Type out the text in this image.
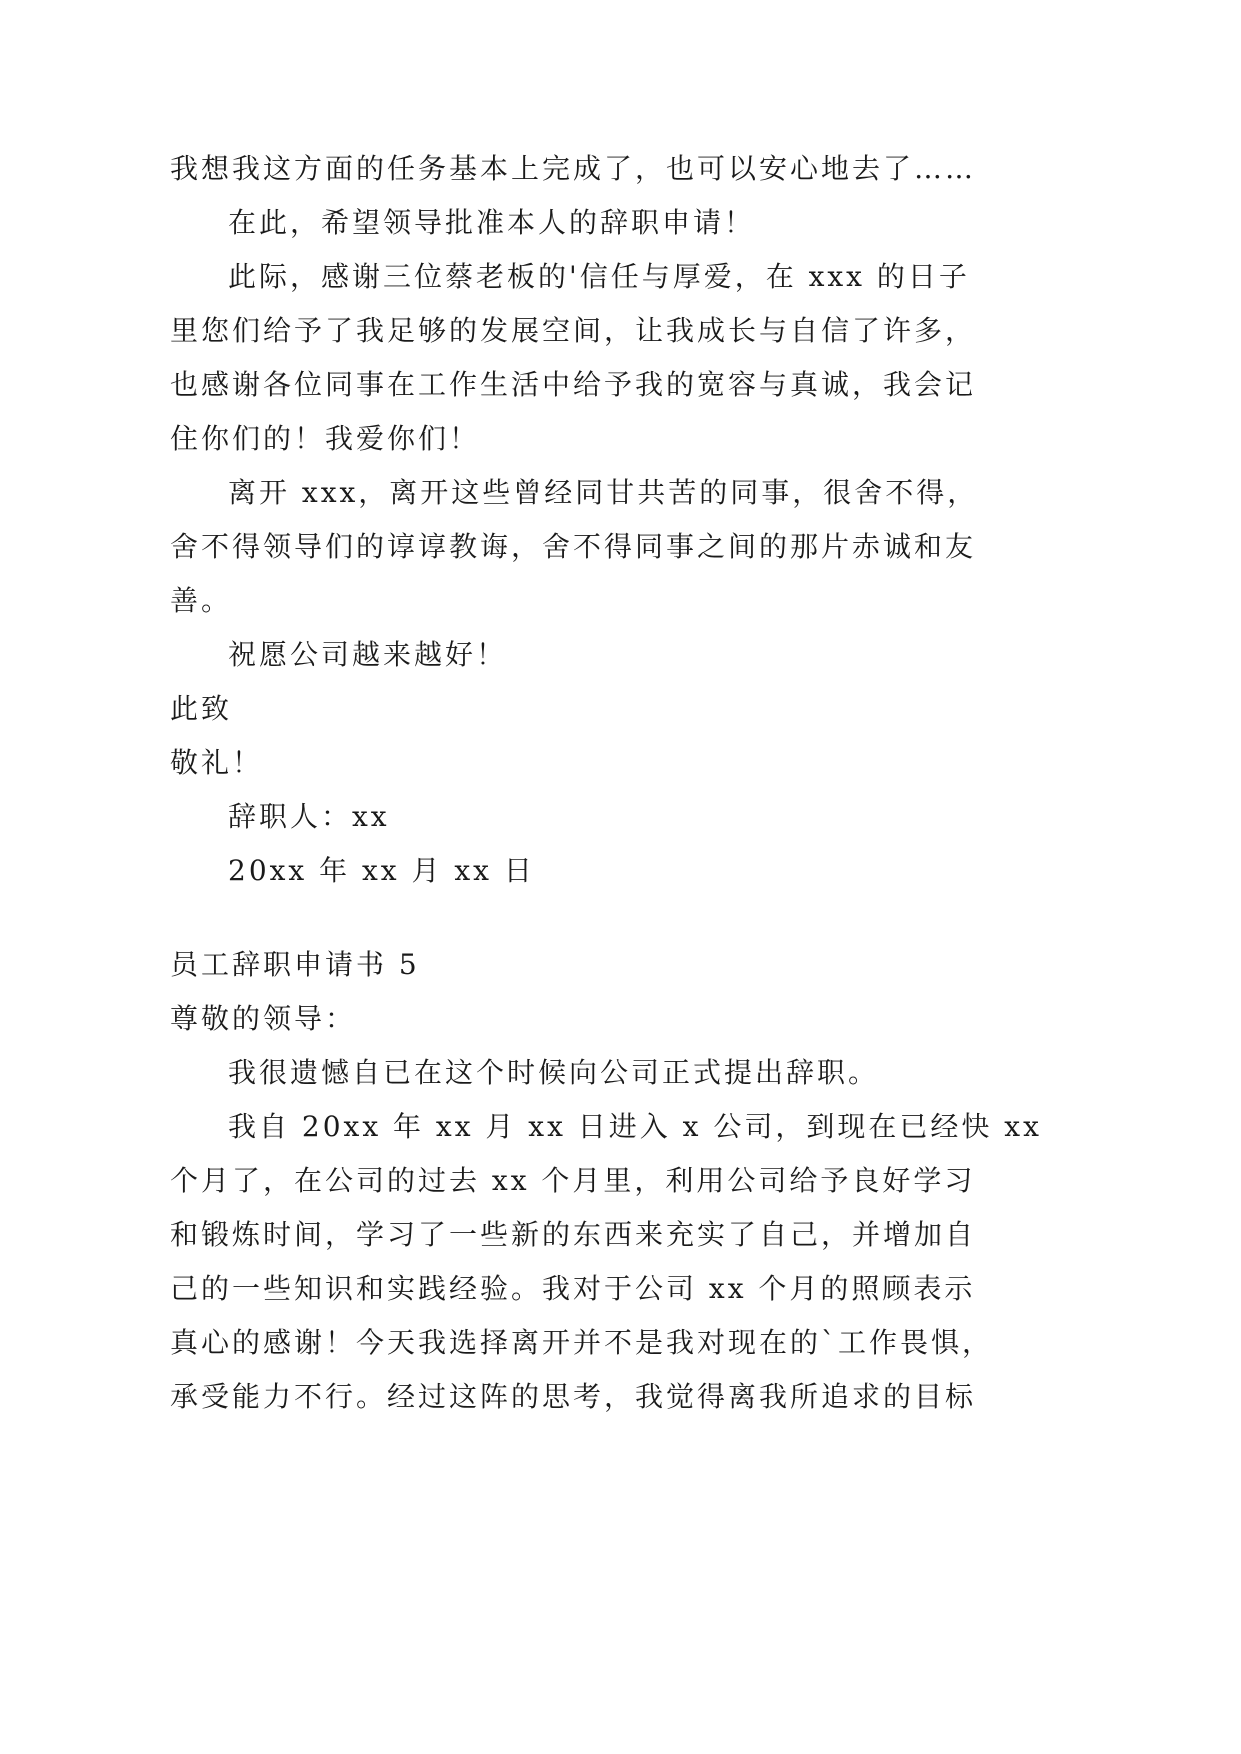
我想我这方面的任务基本上完成了，也可以安心地去了……
在此，希望领导批准本人的辞职申请！
此际，感谢三位蔡老板的'信任与厚爱，在 xxx 的日子
里您们给予了我足够的发展空间，让我成长与自信了许多，
也感谢各位同事在工作生活中给予我的宽容与真诚，我会记
住你们的！我爱你们！
离开 xxx，离开这些曾经同甘共苦的同事，很舍不得，
舍不得领导们的谆谆教诲，舍不得同事之间的那片赤诚和友
善。
祝愿公司越来越好！
此致
敬礼！
辞职人：xx
20xx 年 xx 月 xx 日
员工辞职申请书 5
尊敬的领导：
我很遗憾自已在这个时候向公司正式提出辞职。
我自 20xx 年 xx 月 xx 日进入 x 公司，到现在已经快 xx
个月了，在公司的过去 xx 个月里，利用公司给予良好学习
和锻炼时间，学习了一些新的东西来充实了自己，并增加自
己的一些知识和实践经验。我对于公司 xx 个月的照顾表示
真心的感谢！今天我选择离开并不是我对现在的`工作畏惧，
承受能力不行。经过这阵的思考，我觉得离我所追求的目标
